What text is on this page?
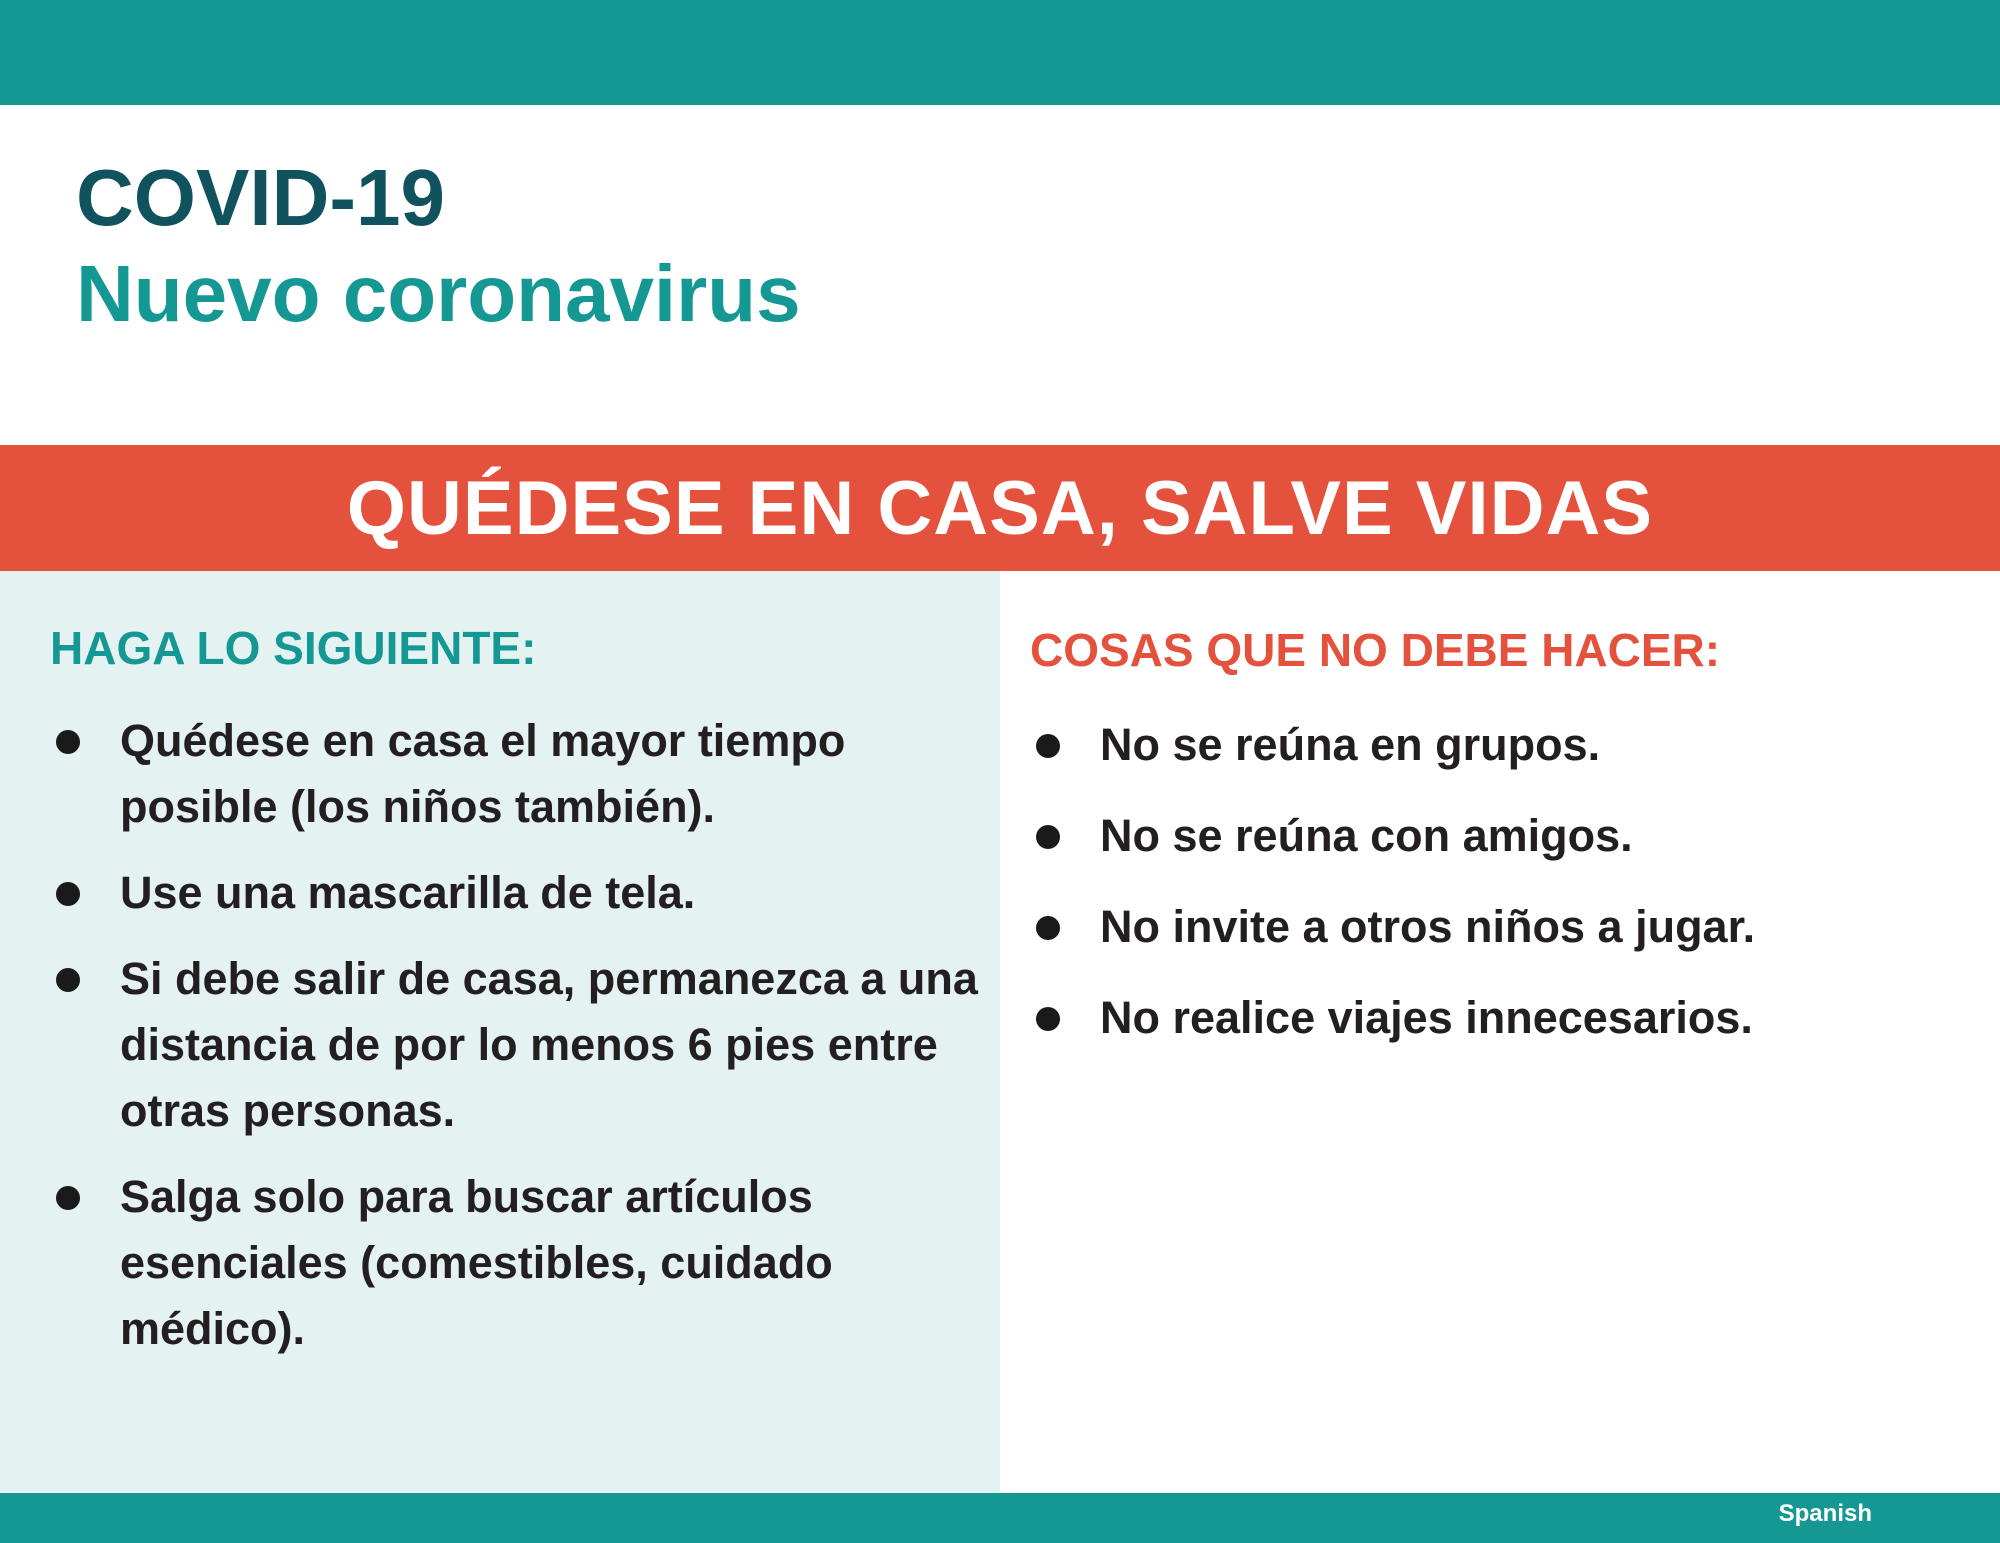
COVID-19

Nuevo coronavirus

QUÉDESE EN CASA, SALVE VIDAS
HAGA LO SIGUIENTE:
Quédese en casa el mayor tiempo posible (los niños también).
Use una mascarilla de tela.
Si debe salir de casa, permanezca a una distancia de por lo menos 6 pies entre otras personas.
Salga solo para buscar artículos esenciales (comestibles, cuidado médico).
COSAS QUE NO DEBE HACER:
No se reúna en grupos.
No se reúna con amigos.
No invite a otros niños a jugar.
No realice viajes innecesarios.
Spanish
